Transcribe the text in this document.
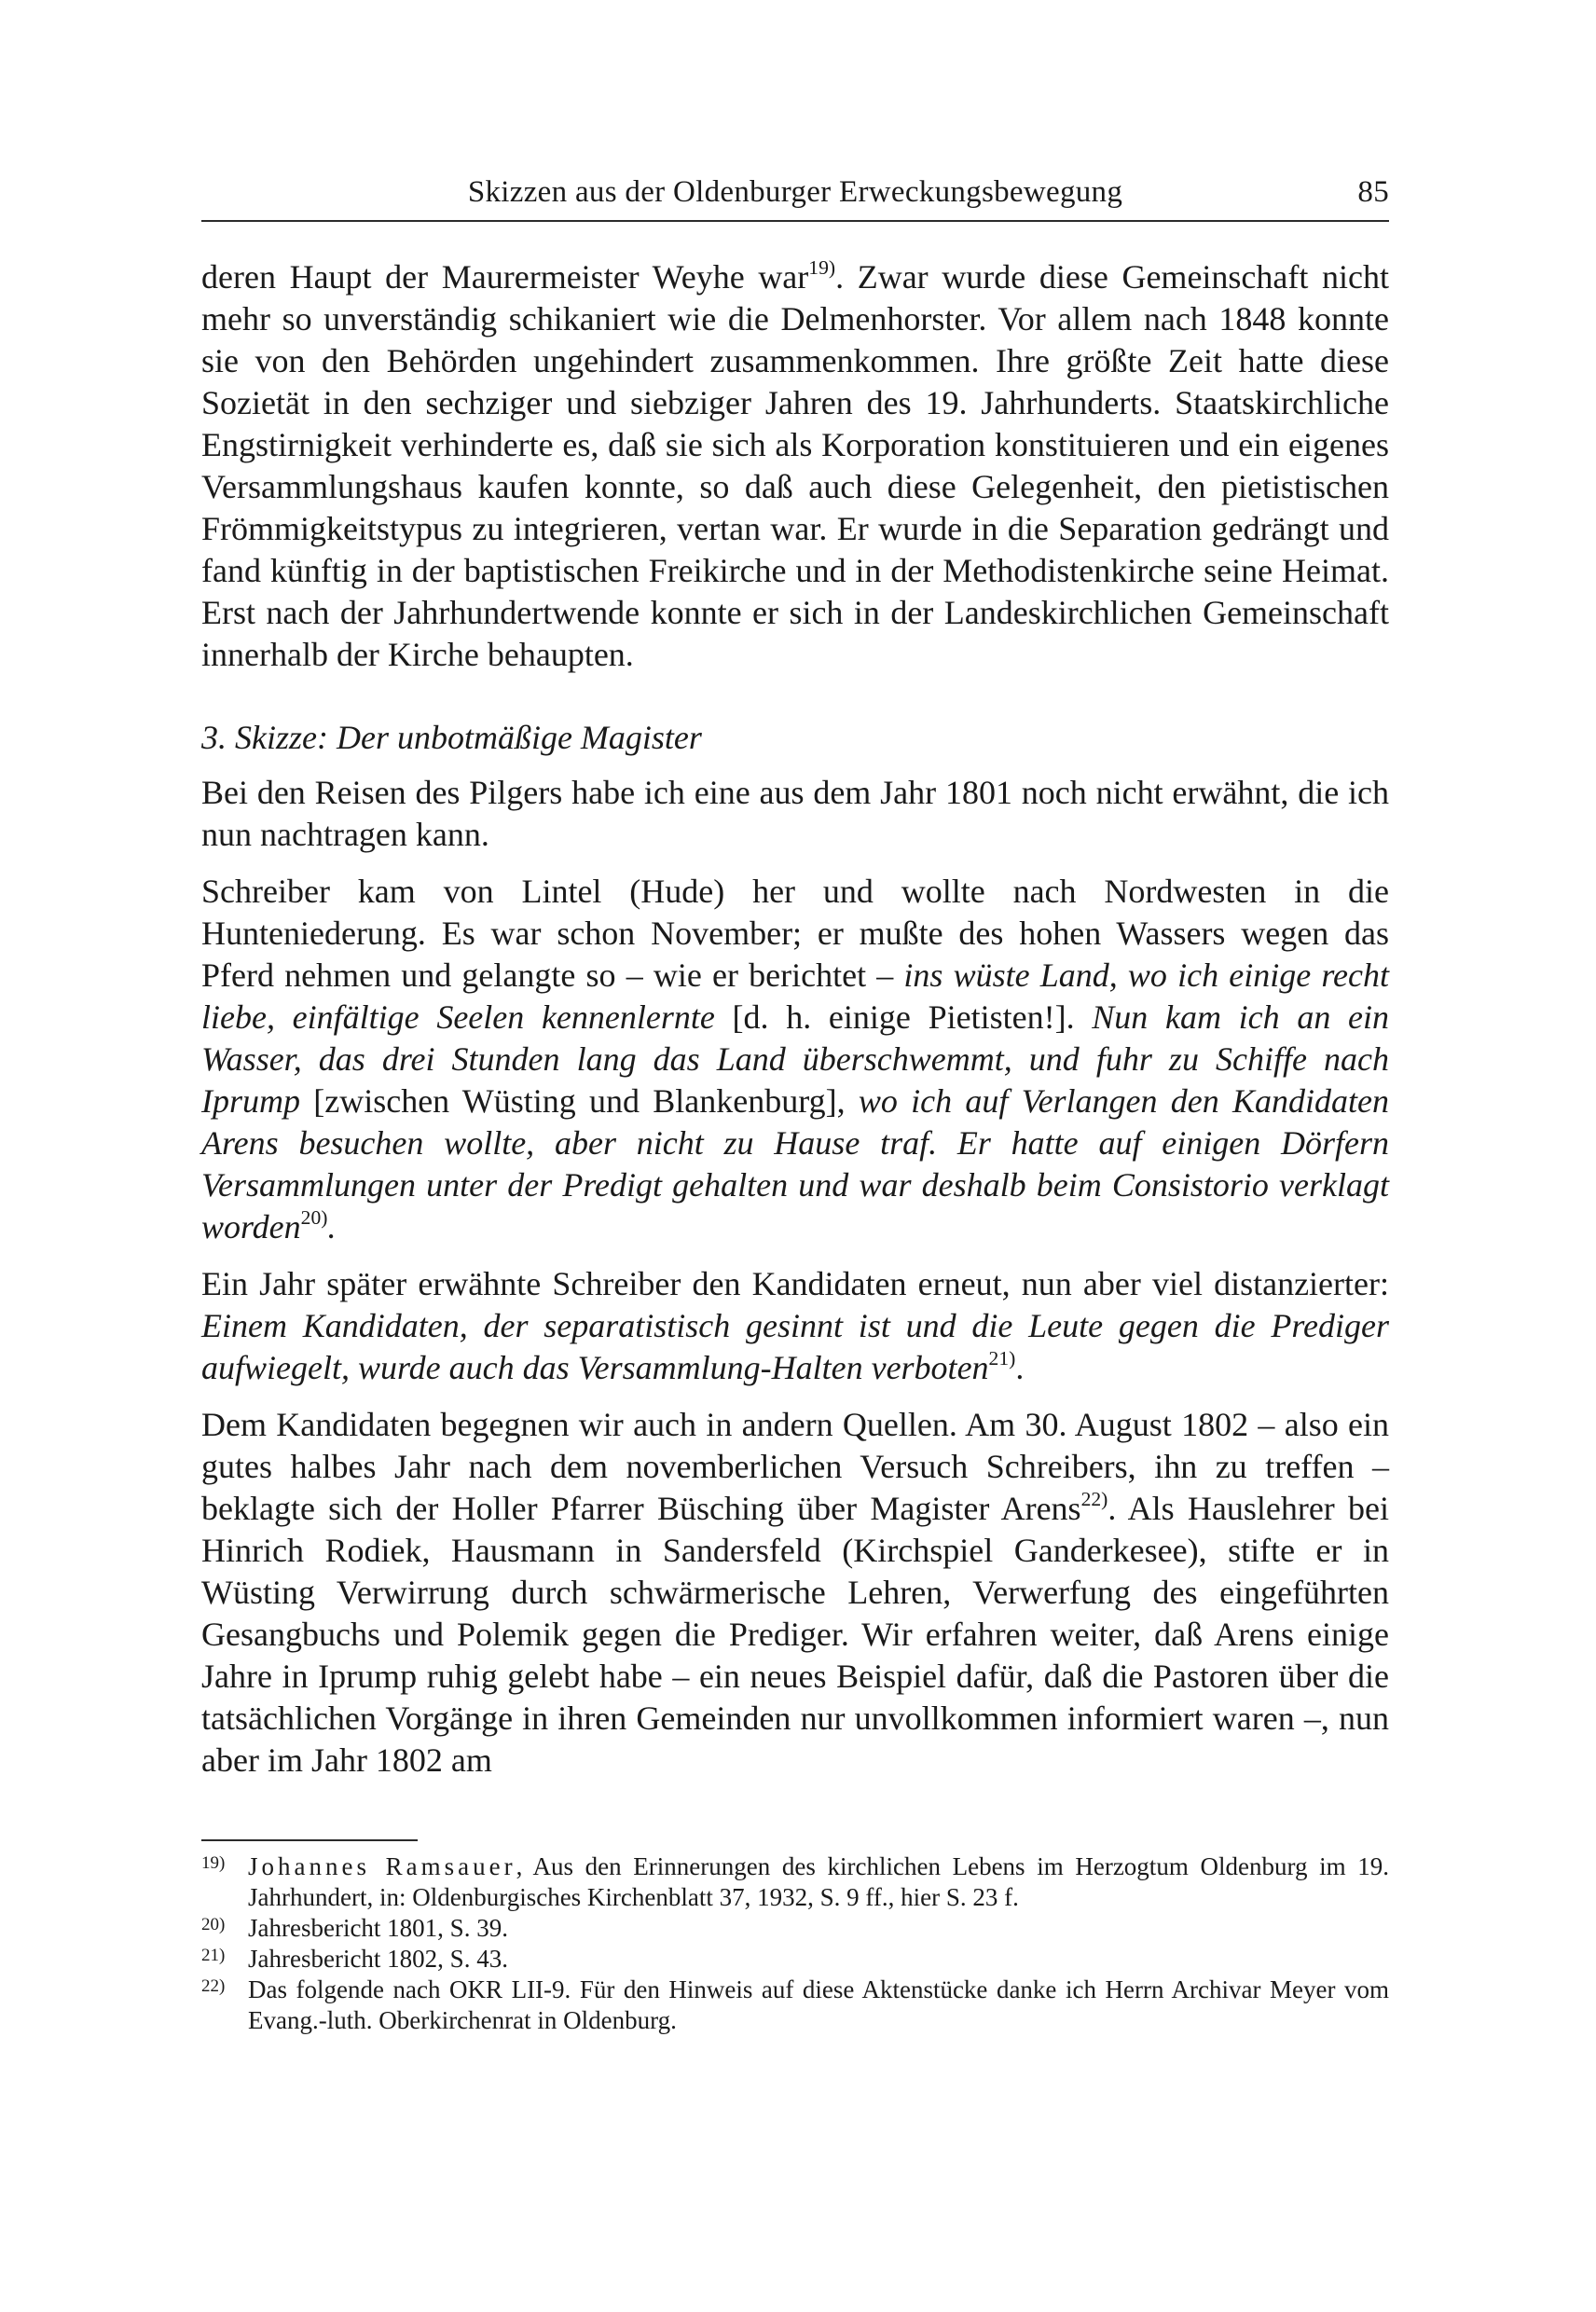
Skizzen aus der Oldenburger Erweckungsbewegung	85

deren Haupt der Maurermeister Weyhe war$^{19)}$. Zwar wurde diese Gemeinschaft nicht mehr so unverständig schikaniert wie die Delmenhorster. Vor allem nach 1848 konnte sie von den Behörden ungehindert zusammenkommen. Ihre größte Zeit hatte diese Sozietät in den sechziger und siebziger Jahren des 19. Jahrhunderts. Staatskirchliche Engstirnigkeit verhinderte es, daß sie sich als Korporation konstituieren und ein eigenes Versammlungshaus kaufen konnte, so daß auch diese Gelegenheit, den pietistischen Frömmigkeitstypus zu integrieren, vertan war. Er wurde in die Separation gedrängt und fand künftig in der baptistischen Freikirche und in der Methodistenkirche seine Heimat. Erst nach der Jahrhundertwende konnte er sich in der Landeskirchlichen Gemeinschaft innerhalb der Kirche behaupten.

3. Skizze: Der unbotmäßige Magister

Bei den Reisen des Pilgers habe ich eine aus dem Jahr 1801 noch nicht erwähnt, die ich nun nachtragen kann.

Schreiber kam von Lintel (Hude) her und wollte nach Nordwesten in die Hunteniederung. Es war schon November; er mußte des hohen Wassers wegen das Pferd nehmen und gelangte so – wie er berichtet – ins wüste Land, wo ich einige recht liebe, einfältige Seelen kennenlernte [d. h. einige Pietisten!]. Nun kam ich an ein Wasser, das drei Stunden lang das Land überschwemmt, und fuhr zu Schiffe nach Iprump [zwischen Wüsting und Blankenburg], wo ich auf Verlangen den Kandidaten Arens besuchen wollte, aber nicht zu Hause traf. Er hatte auf einigen Dörfern Versammlungen unter der Predigt gehalten und war deshalb beim Consistorio verklagt worden$^{20)}$.

Ein Jahr später erwähnte Schreiber den Kandidaten erneut, nun aber viel distanzierter: Einem Kandidaten, der separatistisch gesinnt ist und die Leute gegen die Prediger aufwiegelt, wurde auch das Versammlung-Halten verboten$^{21)}$.

Dem Kandidaten begegnen wir auch in andern Quellen. Am 30. August 1802 – also ein gutes halbes Jahr nach dem novemberlichen Versuch Schreibers, ihn zu treffen – beklagte sich der Holler Pfarrer Büsching über Magister Arens$^{22)}$. Als Hauslehrer bei Hinrich Rodiek, Hausmann in Sandersfeld (Kirchspiel Ganderkesee), stifte er in Wüsting Verwirrung durch schwärmerische Lehren, Verwerfung des eingeführten Gesangbuchs und Polemik gegen die Prediger. Wir erfahren weiter, daß Arens einige Jahre in Iprump ruhig gelebt habe – ein neues Beispiel dafür, daß die Pastoren über die tatsächlichen Vorgänge in ihren Gemeinden nur unvollkommen informiert waren –, nun aber im Jahr 1802 am

19) Johannes Ramsauer, Aus den Erinnerungen des kirchlichen Lebens im Herzogtum Oldenburg im 19. Jahrhundert, in: Oldenburgisches Kirchenblatt 37, 1932, S. 9 ff., hier S. 23 f.

20) Jahresbericht 1801, S. 39.

21) Jahresbericht 1802, S. 43.

22) Das folgende nach OKR LII-9. Für den Hinweis auf diese Aktenstücke danke ich Herrn Archivar Meyer vom Evang.-luth. Oberkirchenrat in Oldenburg.
